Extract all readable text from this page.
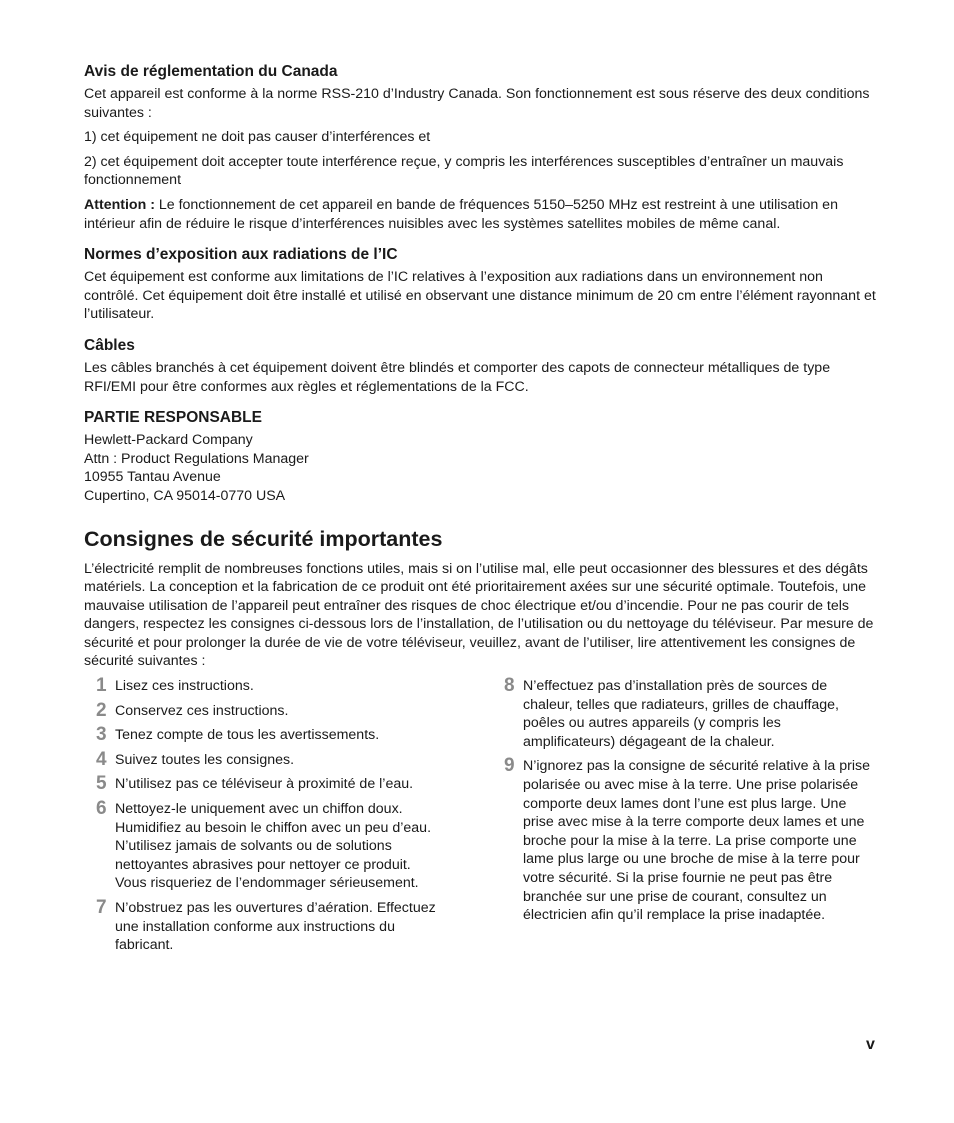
Avis de réglementation du Canada

Cet appareil est conforme à la norme RSS-210 d’Industry Canada. Son fonctionnement est sous réserve des deux conditions suivantes :

1) cet équipement ne doit pas causer d’interférences et

2) cet équipement doit accepter toute interférence reçue, y compris les interférences susceptibles d’entraîner un mauvais fonctionnement

Attention : Le fonctionnement de cet appareil en bande de fréquences 5150–5250 MHz est restreint à une utilisation en intérieur afin de réduire le risque d’interférences nuisibles avec les systèmes satellites mobiles de même canal.

Normes d’exposition aux radiations de l’IC

Cet équipement est conforme aux limitations de l’IC relatives à l’exposition aux radiations dans un environnement non contrôlé. Cet équipement doit être installé et utilisé en observant une distance minimum de 20 cm entre l’élément rayonnant et l’utilisateur.

Câbles

Les câbles branchés à cet équipement doivent être blindés et comporter des capots de connecteur métalliques de type RFI/EMI pour être conformes aux règles et réglementations de la FCC.

PARTIE RESPONSABLE
Hewlett-Packard Company
Attn : Product Regulations Manager
10955 Tantau Avenue
Cupertino, CA 95014-0770 USA
Consignes de sécurité importantes

L’électricité remplit de nombreuses fonctions utiles, mais si on l’utilise mal, elle peut occasionner des blessures et des dégâts matériels. La conception et la fabrication de ce produit ont été prioritairement axées sur une sécurité optimale. Toutefois, une mauvaise utilisation de l’appareil peut entraîner des risques de choc électrique et/ou d’incendie. Pour ne pas courir de tels dangers, respectez les consignes ci-dessous lors de l’installation, de l’utilisation ou du nettoyage du téléviseur. Par mesure de sécurité et pour prolonger la durée de vie de votre téléviseur, veuillez, avant de l’utiliser, lire attentivement les consignes de sécurité suivantes :

1 Lisez ces instructions.
2 Conservez ces instructions.
3 Tenez compte de tous les avertissements.
4 Suivez toutes les consignes.
5 N’utilisez pas ce téléviseur à proximité de l’eau.
6 Nettoyez-le uniquement avec un chiffon doux. Humidifiez au besoin le chiffon avec un peu d’eau. N’utilisez jamais de solvants ou de solutions nettoyantes abrasives pour nettoyer ce produit. Vous risqueriez de l’endommager sérieusement.
7 N’obstruez pas les ouvertures d’aération. Effectuez une installation conforme aux instructions du fabricant.
8 N’effectuez pas d’installation près de sources de chaleur, telles que radiateurs, grilles de chauffage, poêles ou autres appareils (y compris les amplificateurs) dégageant de la chaleur.
9 N’ignorez pas la consigne de sécurité relative à la prise polarisée ou avec mise à la terre. Une prise polarisée comporte deux lames dont l’une est plus large. Une prise avec mise à la terre comporte deux lames et une broche pour la mise à la terre. La prise comporte une lame plus large ou une broche de mise à la terre pour votre sécurité. Si la prise fournie ne peut pas être branchée sur une prise de courant, consultez un électricien afin qu’il remplace la prise inadaptée.
v
